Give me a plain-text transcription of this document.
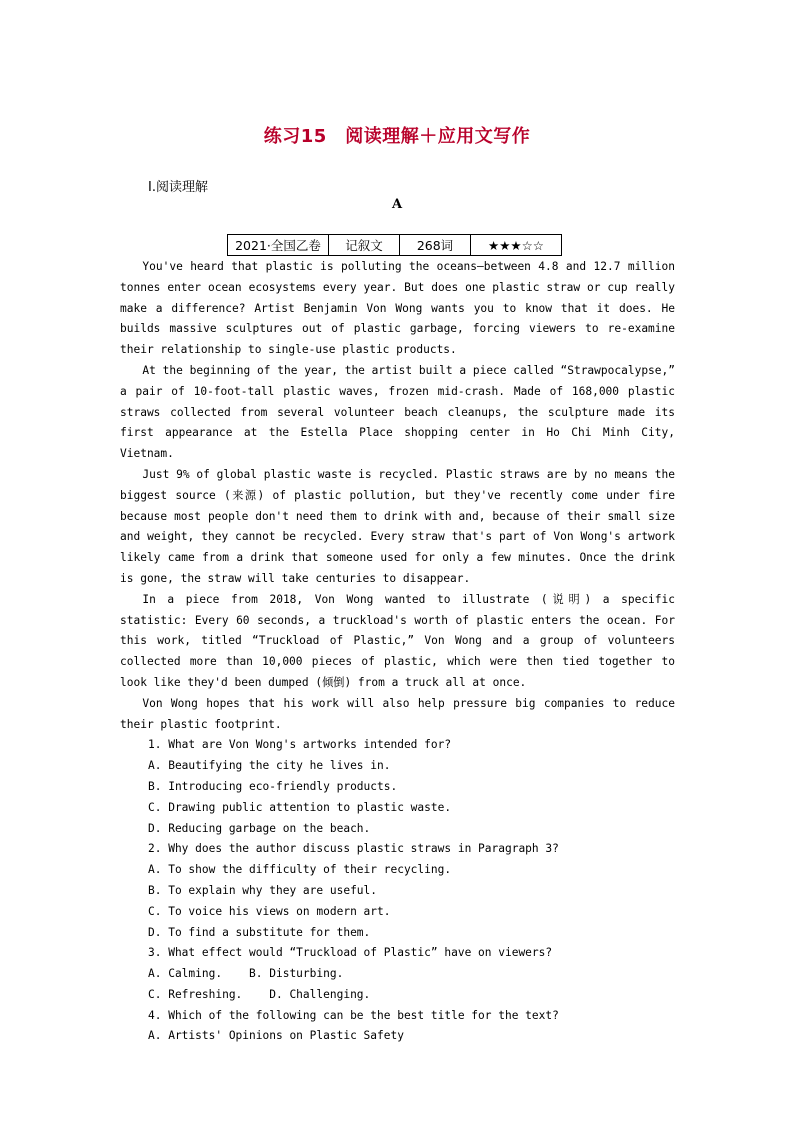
练习15　阅读理解＋应用文写作
Ⅰ.阅读理解
A
2021·全国乙卷	记叙文	268词	★★★☆☆

You've heard that plastic is polluting the oceans—between 4.8 and 12.7 million tonnes enter ocean ecosystems every year. But does one plastic straw or cup really make a difference? Artist Benjamin Von Wong wants you to know that it does. He builds massive sculptures out of plastic garbage, forcing viewers to re-examine their relationship to single-use plastic products.

At the beginning of the year, the artist built a piece called “Strawpocalypse,” a pair of 10-foot-tall plastic waves, frozen mid-crash. Made of 168,000 plastic straws collected from several volunteer beach cleanups, the sculpture made its first appearance at the Estella Place shopping center in Ho Chi Minh City, Vietnam.

Just 9% of global plastic waste is recycled. Plastic straws are by no means the biggest source (来源) of plastic pollution, but they've recently come under fire because most people don't need them to drink with and, because of their small size and weight, they cannot be recycled. Every straw that's part of Von Wong's artwork likely came from a drink that someone used for only a few minutes. Once the drink is gone, the straw will take centuries to disappear.

In a piece from 2018, Von Wong wanted to illustrate (说明) a specific statistic: Every 60 seconds, a truckload's worth of plastic enters the ocean. For this work, titled “Truckload of Plastic,” Von Wong and a group of volunteers collected more than 10,000 pieces of plastic, which were then tied together to look like they'd been dumped (倾倒) from a truck all at once.

Von Wong hopes that his work will also help pressure big companies to reduce their plastic footprint.

1. What are Von Wong's artworks intended for?
A. Beautifying the city he lives in.
B. Introducing eco-friendly products.
C. Drawing public attention to plastic waste.
D. Reducing garbage on the beach.
2. Why does the author discuss plastic straws in Paragraph 3?
A. To show the difficulty of their recycling.
B. To explain why they are useful.
C. To voice his views on modern art.
D. To find a substitute for them.
3. What effect would “Truckload of Plastic” have on viewers?
A. Calming.    B. Disturbing.
C. Refreshing.    D. Challenging.
4. Which of the following can be the best title for the text?
A. Artists' Opinions on Plastic Safety
